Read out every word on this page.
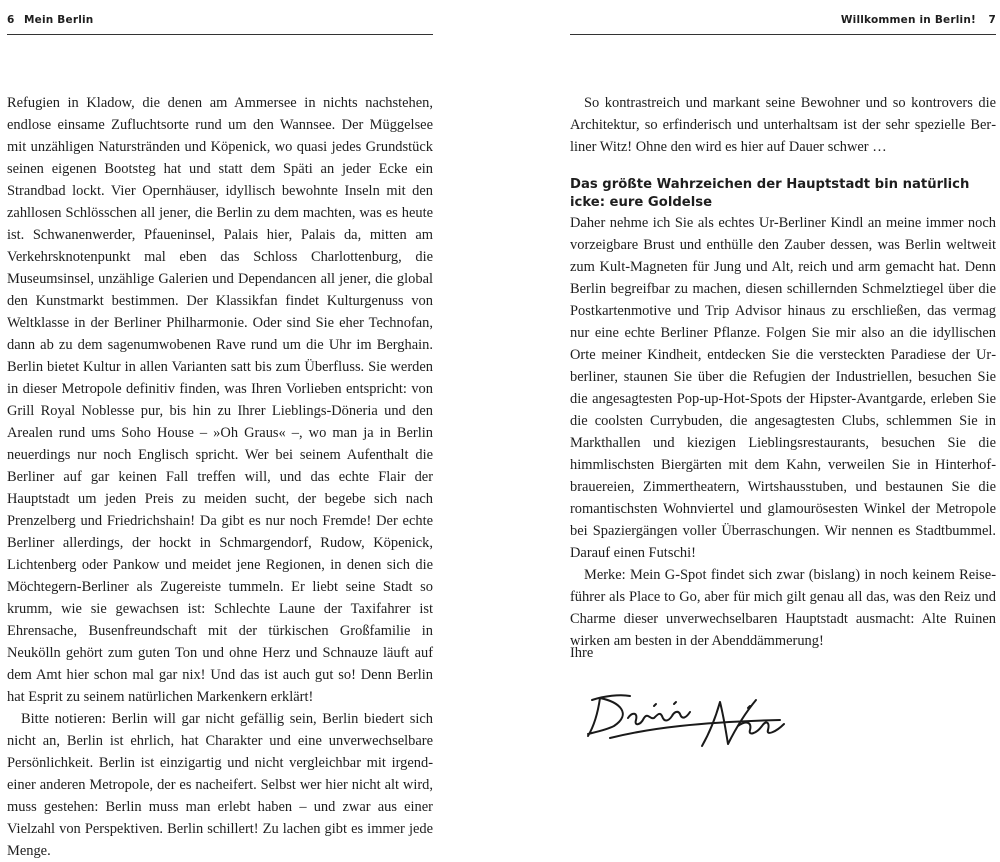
6 Mein Berlin

Refugien in Kladow, die denen am Ammersee in nichts nachstehen, endlose einsame Zufluchtsorte rund um den Wannsee. Der Müggelsee mit unzähligen Naturstränden und Köpenick, wo quasi jedes Grundstück seinen eigenen Bootsteg hat und statt dem Späti an jeder Ecke ein Strandbad lockt. Vier Opernhäuser, idyllisch bewohnte Inseln mit den zahllosen Schlösschen all jener, die Berlin zu dem machten, was es heute ist. Schwanenwerder, Pfaueninsel, Palais hier, Palais da, mitten am Verkehrsknotenpunkt mal eben das Schloss Charlottenburg, die Museumsinsel, unzählige Galerien und Dependancen all jener, die global den Kunstmarkt bestimmen. Der Klassikfan findet Kulturgenuss von Weltklasse in der Berliner Philharmonie. Oder sind Sie eher Technofan, dann ab zu dem sagenumwobenen Rave rund um die Uhr im Berghain. Berlin bietet Kultur in allen Varianten satt bis zum Überfluss. Sie werden in dieser Metropole definitiv finden, was Ihren Vorlieben entspricht: von Grill Royal Noblesse pur, bis hin zu Ihrer Lieblings-Döneria und den Arealen rund ums Soho House – »Oh Graus« –, wo man ja in Berlin neuerdings nur noch Englisch spricht. Wer bei seinem Aufenthalt die Berliner auf gar keinen Fall treffen will, und das echte Flair der Hauptstadt um jeden Preis zu meiden sucht, der begebe sich nach Prenzelberg und Friedrichshain! Da gibt es nur noch Fremde! Der echte Berliner allerdings, der hockt in Schmargendorf, Rudow, Köpenick, Lichtenberg oder Pankow und meidet jene Regionen, in denen sich die Möchtegern-Berliner als Zugereiste tummeln. Er liebt seine Stadt so krumm, wie sie gewachsen ist: Schlechte Laune der Taxifahrer ist Ehrensache, Busenfreundschaft mit der türkischen Großfamilie in Neukölln gehört zum guten Ton und ohne Herz und Schnauze läuft auf dem Amt hier schon mal gar nix! Und das ist auch gut so! Denn Berlin hat Esprit zu seinem natürlichen Markenkern erklärt!

Bitte notieren: Berlin will gar nicht gefällig sein, Berlin biedert sich nicht an, Berlin ist ehrlich, hat Charakter und eine unverwechselbare Persönlichkeit. Berlin ist einzigartig und nicht vergleichbar mit irgendeiner anderen Metropole, der es nacheifert. Selbst wer hier nicht alt wird, muss gestehen: Berlin muss man erlebt haben – und zwar aus einer Vielzahl von Perspektiven. Berlin schillert! Zu lachen gibt es immer jede Menge.

Willkommen in Berlin! 7

So kontrastreich und markant seine Bewohner und so kontrovers die Architektur, so erfinderisch und unterhaltsam ist der sehr spezielle Berliner Witz! Ohne den wird es hier auf Dauer schwer …

Das größte Wahrzeichen der Hauptstadt bin natürlich icke: eure Goldelse

Daher nehme ich Sie als echtes Ur-Berliner Kindl an meine immer noch vorzeigbare Brust und enthülle den Zauber dessen, was Berlin weltweit zum Kult-Magneten für Jung und Alt, reich und arm gemacht hat. Denn Berlin begreifbar zu machen, diesen schillernden Schmelztiegel über die Postkartenmotive und Trip Advisor hinaus zu erschließen, das vermag nur eine echte Berliner Pflanze. Folgen Sie mir also an die idyllischen Orte meiner Kindheit, entdecken Sie die versteckten Paradiese der Urberliner, staunen Sie über die Refugien der Industriellen, besuchen Sie die angesagtesten Pop-up-Hot-Spots der Hipster-Avantgarde, erleben Sie die coolsten Currybuden, die angesagtesten Clubs, schlemmen Sie in Markthallen und kiezigen Lieblingsrestaurants, besuchen Sie die himmlischsten Biergärten mit dem Kahn, verweilen Sie in Hinterhofbrauereien, Zimmertheatern, Wirtshausstuben, und bestaunen Sie die romantischsten Wohnviertel und glamourösesten Winkel der Metropole bei Spaziergängen voller Überraschungen. Wir nennen es Stadtbummel. Darauf einen Futschi!

Merke: Mein G-Spot findet sich zwar (bislang) in noch keinem Reiseführer als Place to Go, aber für mich gilt genau all das, was den Reiz und Charme dieser unverwechselbaren Hauptstadt ausmacht: Alte Ruinen wirken am besten in der Abenddämmerung!

Ihre
